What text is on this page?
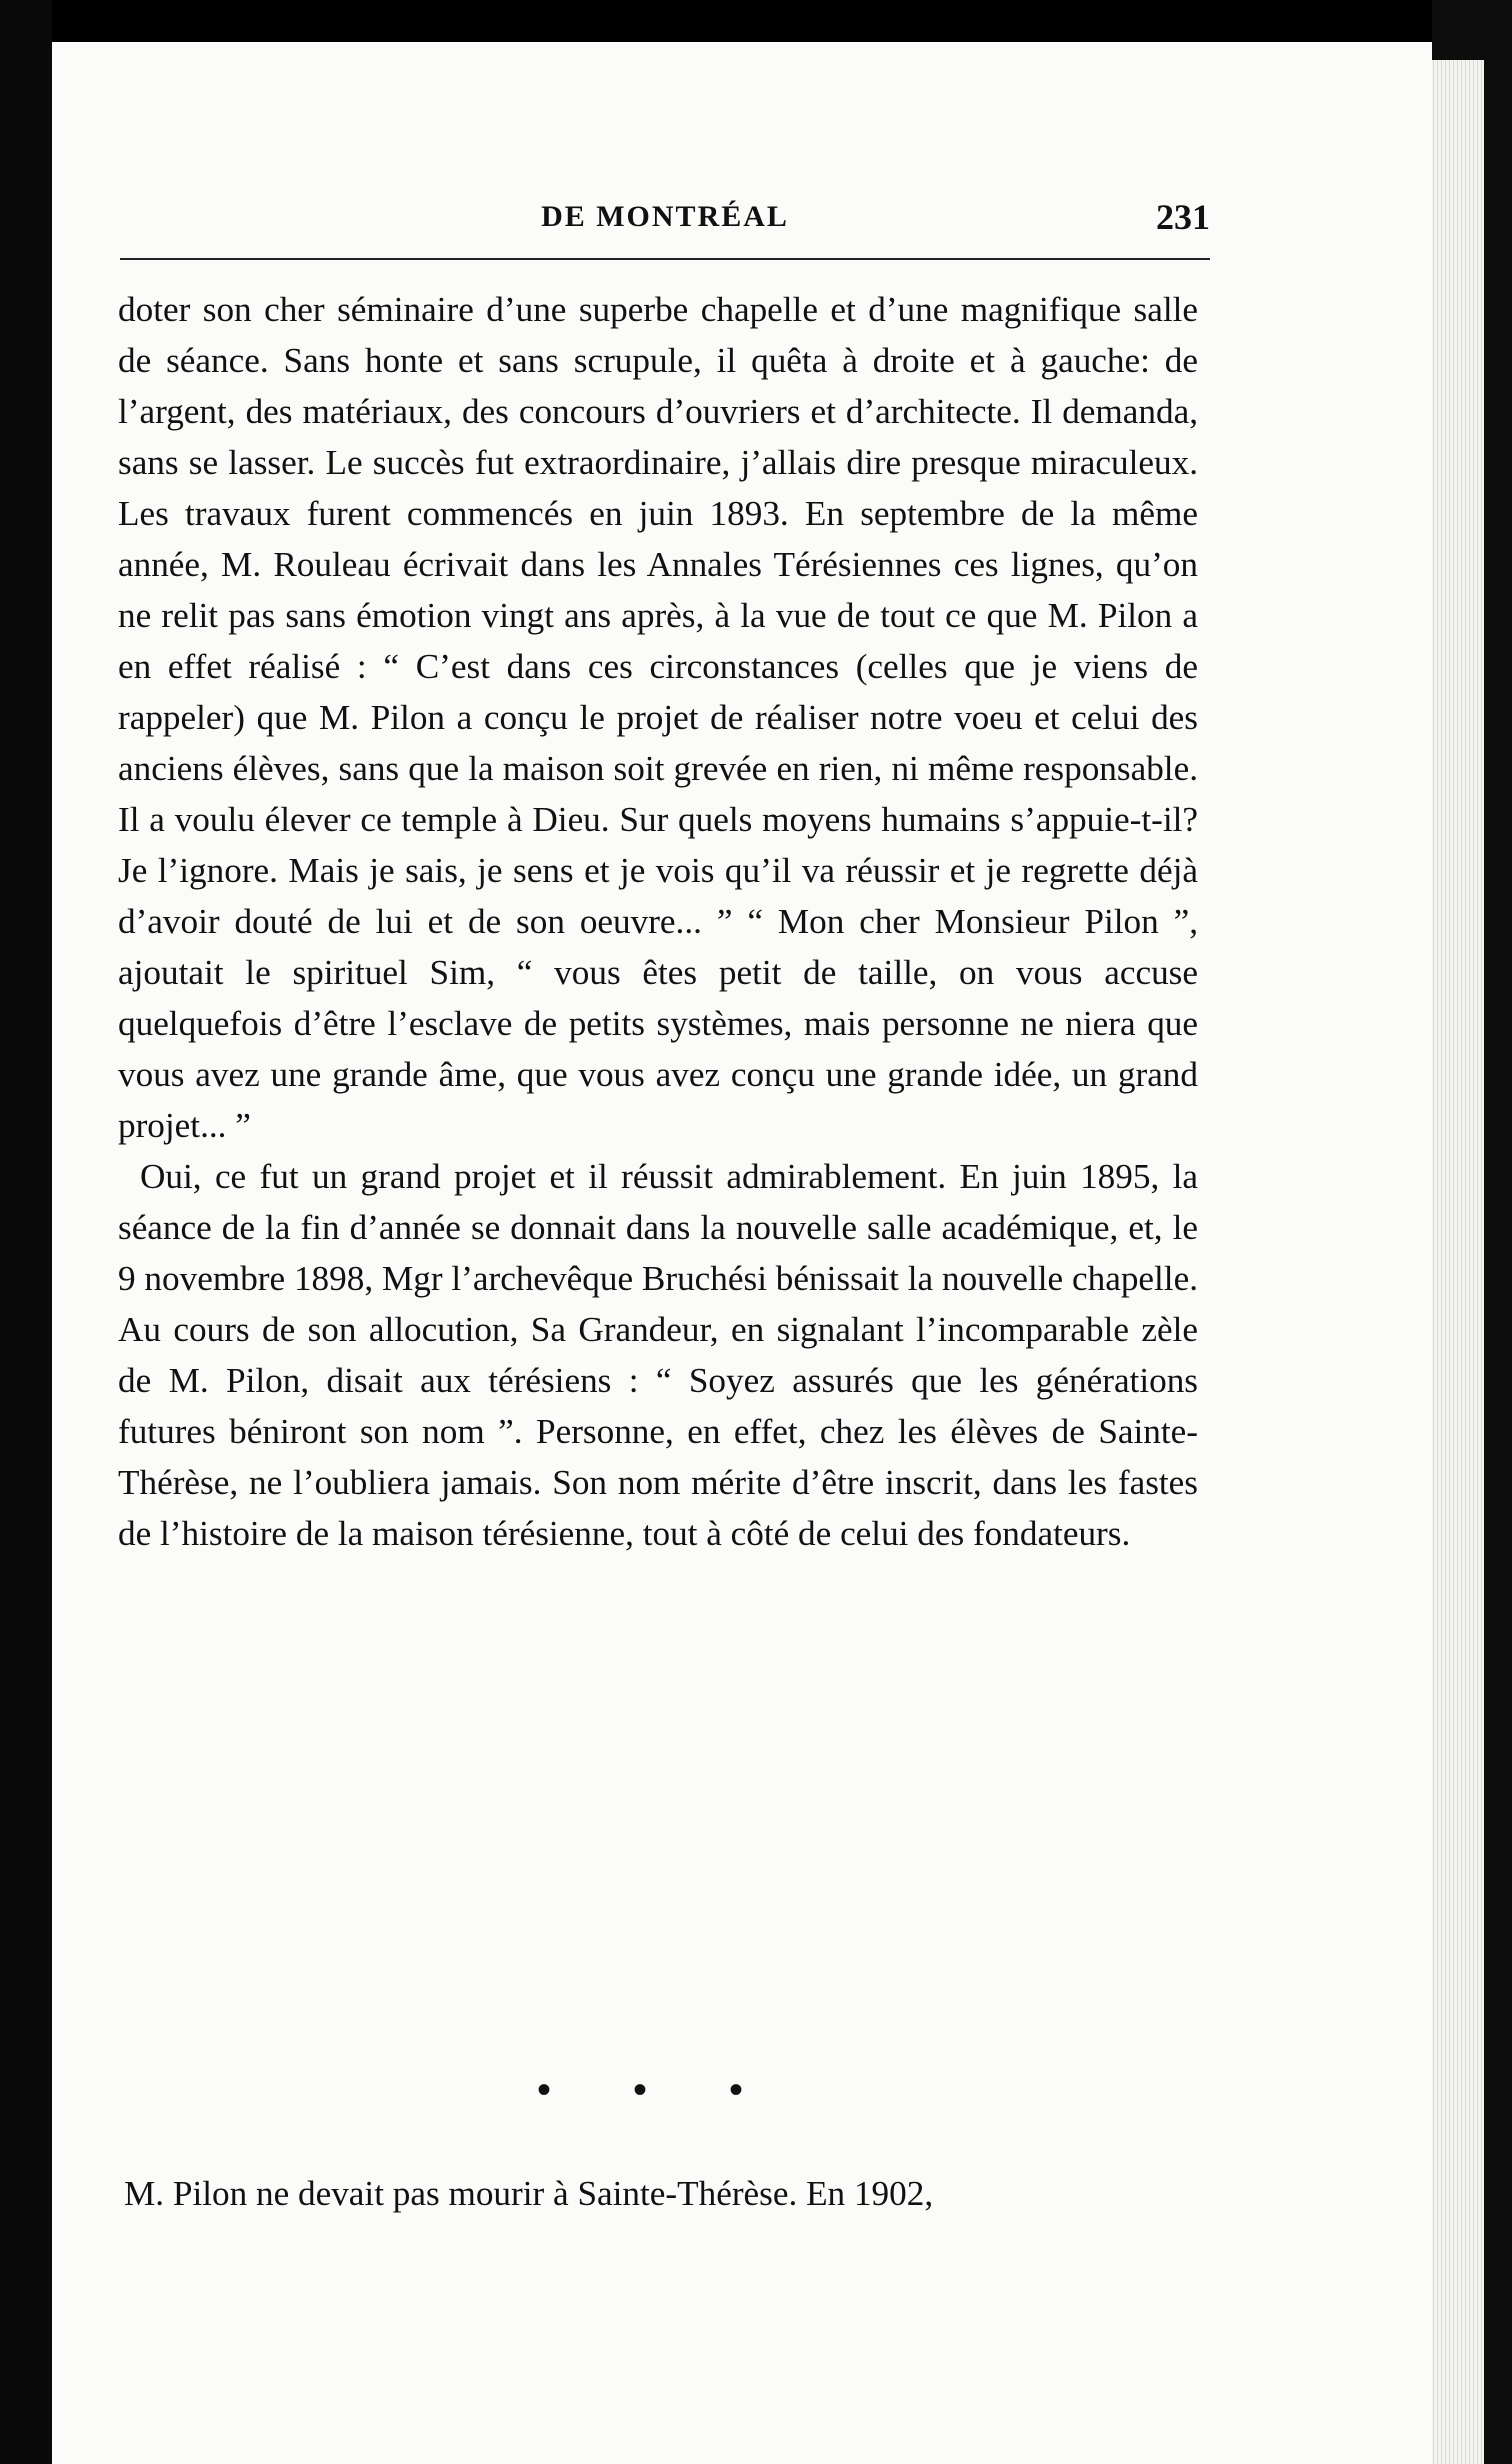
DE MONTRÉAL	231

doter son cher séminaire d’une superbe chapelle et d’une magnifique salle de séance. Sans honte et sans scrupule, il quêta à droite et à gauche: de l’argent, des matériaux, des concours d’ouvriers et d’architecte. Il demanda, sans se lasser. Le succès fut extraordinaire, j’allais dire presque miraculeux. Les travaux furent commencés en juin 1893. En septembre de la même année, M. Rouleau écrivait dans les Annales Térésiennes ces lignes, qu’on ne relit pas sans émotion vingt ans après, à la vue de tout ce que M. Pilon a en effet réalisé : “ C’est dans ces circonstances (celles que je viens de rappeler) que M. Pilon a conçu le projet de réaliser notre voeu et celui des anciens élèves, sans que la maison soit grevée en rien, ni même responsable. Il a voulu élever ce temple à Dieu. Sur quels moyens humains s’appuie-t-il? Je l’ignore. Mais je sais, je sens et je vois qu’il va réussir et je regrette déjà d’avoir douté de lui et de son oeuvre... ” “ Mon cher Monsieur Pilon ”, ajoutait le spirituel Sim, “ vous êtes petit de taille, on vous accuse quelquefois d’être l’esclave de petits systèmes, mais personne ne niera que vous avez une grande âme, que vous avez conçu une grande idée, un grand projet... ”

Oui, ce fut un grand projet et il réussit admirablement. En juin 1895, la séance de la fin d’année se donnait dans la nouvelle salle académique, et, le 9 novembre 1898, Mgr l’archevêque Bruchési bénissait la nouvelle chapelle. Au cours de son allocution, Sa Grandeur, en signalant l’incomparable zèle de M. Pilon, disait aux térésiens : “ Soyez assurés que les générations futures béniront son nom ”. Personne, en effet, chez les élèves de Sainte-Thérèse, ne l’oubliera jamais. Son nom mérite d’être inscrit, dans les fastes de l’histoire de la maison térésienne, tout à côté de celui des fondateurs.

• • •
M. Pilon ne devait pas mourir à Sainte-Thérèse. En 1902,
